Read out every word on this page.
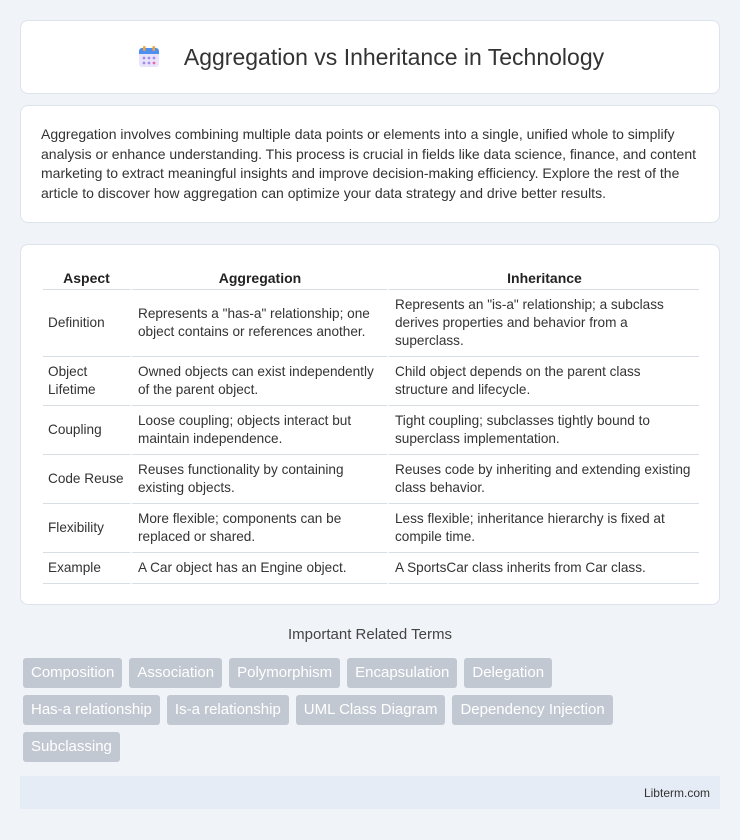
Aggregation vs Inheritance in Technology

Aggregation involves combining multiple data points or elements into a single, unified whole to simplify analysis or enhance understanding. This process is crucial in fields like data science, finance, and content marketing to extract meaningful insights and improve decision-making efficiency. Explore the rest of the article to discover how aggregation can optimize your data strategy and drive better results.

Aspect	Aggregation	Inheritance
Definition	Represents a "has-a" relationship; one object contains or references another.	Represents an "is-a" relationship; a subclass derives properties and behavior from a superclass.
Object Lifetime	Owned objects can exist independently of the parent object.	Child object depends on the parent class structure and lifecycle.
Coupling	Loose coupling; objects interact but maintain independence.	Tight coupling; subclasses tightly bound to superclass implementation.
Code Reuse	Reuses functionality by containing existing objects.	Reuses code by inheriting and extending existing class behavior.
Flexibility	More flexible; components can be replaced or shared.	Less flexible; inheritance hierarchy is fixed at compile time.
Example	A Car object has an Engine object.	A SportsCar class inherits from Car class.
Important Related Terms
Composition	Association	Polymorphism	Encapsulation	Delegation
Has-a relationship	Is-a relationship	UML Class Diagram	Dependency Injection
Subclassing
Libterm.com
